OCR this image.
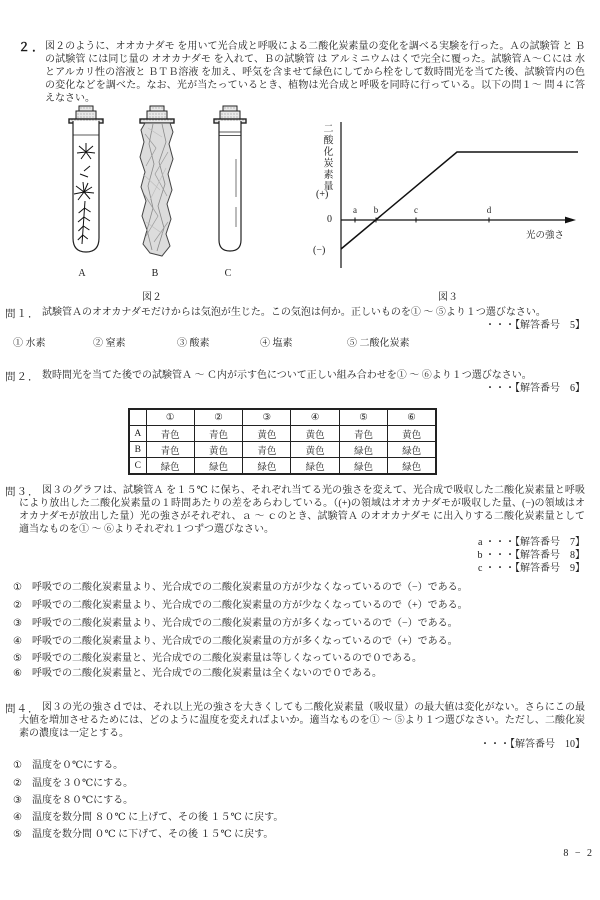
２．
図２のように、オオカナダモ を用いて光合成と呼吸による二酸化炭素量の変化を調べる実験を行った。Ａの試験管 と Ｂの試験管 には同じ量の オオカナダモ を入れて、Ｂの試験管 は アルミニウムはくで完全に覆った。試験管Ａ～Ｃには 水 とアルカリ性の溶液と ＢＴＢ溶液 を加え、呼気を含ませて緑色にしてから栓をして数時間光を当てた後、試験管内の色の変化などを調べた。なお、光が当たっているとき、植物は光合成と呼吸を同時に行っている。以下の問１～ 問４に答えなさい。
A	B	C
図２
二酸化炭素量
(+)
0
(−)
a	b	c	d
光の強さ
図３
問１． 試験管Ａのオオカナダモだけからは気泡が生じた。この気泡は何か。正しいものを① ～ ⑤より１つ選びなさい。
・・・【解答番号　5】
① 水素	② 窒素	③ 酸素	④ 塩素	⑤ 二酸化炭素
問２． 数時間光を当てた後での試験管Ａ ～ Ｃ内が示す色について正しい組み合わせを① ～ ⑥より１つ選びなさい。
・・・【解答番号　6】
	①	②	③	④	⑤	⑥
A	青色	青色	黄色	黄色	青色	黄色
B	青色	黄色	青色	黄色	緑色	緑色
C	緑色	緑色	緑色	緑色	緑色	緑色
問３． 図３のグラフは、試験管Ａ を１５℃ に保ち、それぞれ当てる光の強さを変えて、光合成で吸収した二酸化炭素量と呼吸により放出した二酸化炭素量の１時間あたりの差をあらわしている。（(+)の領域はオオカナダモが吸収した量、(−)の領域はオオカナダモが放出した量）光の強さがそれぞれ、ａ ～ ｃのとき、試験管Ａ のオオカナダモ に出入りする二酸化炭素量として適当なものを① ～ ⑥よりそれぞれ１つずつ選びなさい。
a ・・・【解答番号　7】
b ・・・【解答番号　8】
c ・・・【解答番号　9】
① 呼吸での二酸化炭素量より、光合成での二酸化炭素量の方が少なくなっているので（−）である。
② 呼吸での二酸化炭素量より、光合成での二酸化炭素量の方が少なくなっているので（+）である。
③ 呼吸での二酸化炭素量より、光合成での二酸化炭素量の方が多くなっているので（−）である。
④ 呼吸での二酸化炭素量より、光合成での二酸化炭素量の方が多くなっているので（+）である。
⑤ 呼吸での二酸化炭素量と、光合成での二酸化炭素量は等しくなっているので０である。
⑥ 呼吸での二酸化炭素量と、光合成での二酸化炭素量は全くないので０である。
問４． 図３の光の強さｄでは、それ以上光の強さを大きくしても二酸化炭素量（吸収量）の最大値は変化がない。さらにこの最大値を増加させるためには、どのように温度を変えればよいか。適当なものを① ～ ⑤より１つ選びなさい。ただし、二酸化炭素の濃度は一定とする。
・・・【解答番号　10】
① 温度を０℃にする。
② 温度を３０℃にする。
③ 温度を８０℃にする。
④ 温度を数分間 ８０℃ に上げて、その後 １５℃ に戻す。
⑤ 温度を数分間 ０℃ に下げて、その後 １５℃ に戻す。
8 − 2
